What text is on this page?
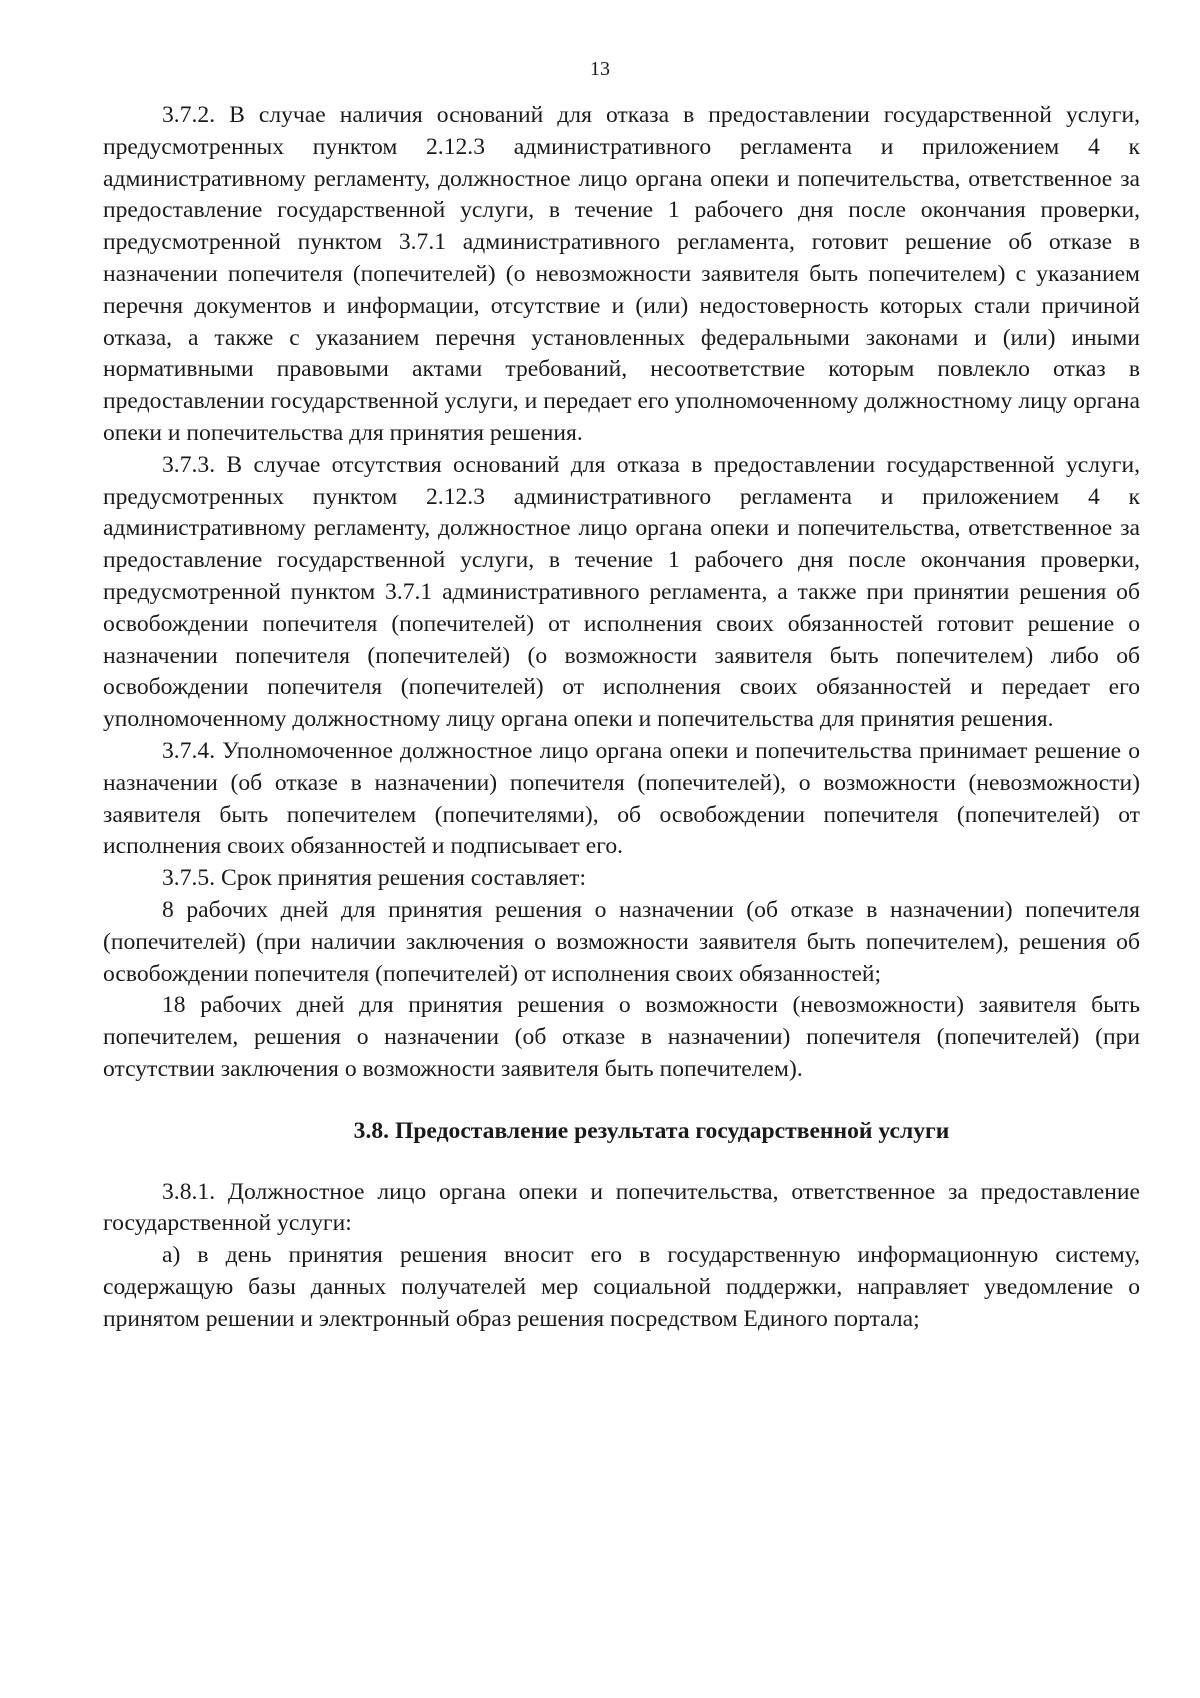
13

3.7.2. В случае наличия оснований для отказа в предоставлении государственной услуги, предусмотренных пунктом 2.12.3 административного регламента и приложением 4 к административному регламенту, должностное лицо органа опеки и попечительства, ответственное за предоставление государственной услуги, в течение 1 рабочего дня после окончания проверки, предусмотренной пунктом 3.7.1 административного регламента, готовит решение об отказе в назначении попечителя (попечителей) (о невозможности заявителя быть попечителем) с указанием перечня документов и информации, отсутствие и (или) недостоверность которых стали причиной отказа, а также с указанием перечня установленных федеральными законами и (или) иными нормативными правовыми актами требований, несоответствие которым повлекло отказ в предоставлении государственной услуги, и передает его уполномоченному должностному лицу органа опеки и попечительства для принятия решения.

3.7.3. В случае отсутствия оснований для отказа в предоставлении государственной услуги, предусмотренных пунктом 2.12.3 административного регламента и приложением 4 к административному регламенту, должностное лицо органа опеки и попечительства, ответственное за предоставление государственной услуги, в течение 1 рабочего дня после окончания проверки, предусмотренной пунктом 3.7.1 административного регламента, а также при принятии решения об освобождении попечителя (попечителей) от исполнения своих обязанностей готовит решение о назначении попечителя (попечителей) (о возможности заявителя быть попечителем) либо об освобождении попечителя (попечителей) от исполнения своих обязанностей и передает его уполномоченному должностному лицу органа опеки и попечительства для принятия решения.

3.7.4. Уполномоченное должностное лицо органа опеки и попечительства принимает решение о назначении (об отказе в назначении) попечителя (попечителей), о возможности (невозможности) заявителя быть попечителем (попечителями), об освобождении попечителя (попечителей) от исполнения своих обязанностей и подписывает его.

3.7.5. Срок принятия решения составляет:

8 рабочих дней для принятия решения о назначении (об отказе в назначении) попечителя (попечителей) (при наличии заключения о возможности заявителя быть попечителем), решения об освобождении попечителя (попечителей) от исполнения своих обязанностей;

18 рабочих дней для принятия решения о возможности (невозможности) заявителя быть попечителем, решения о назначении (об отказе в назначении) попечителя (попечителей) (при отсутствии заключения о возможности заявителя быть попечителем).

3.8. Предоставление результата государственной услуги

3.8.1. Должностное лицо органа опеки и попечительства, ответственное за предоставление государственной услуги:

а) в день принятия решения вносит его в государственную информационную систему, содержащую базы данных получателей мер социальной поддержки, направляет уведомление о принятом решении и электронный образ решения посредством Единого портала;
